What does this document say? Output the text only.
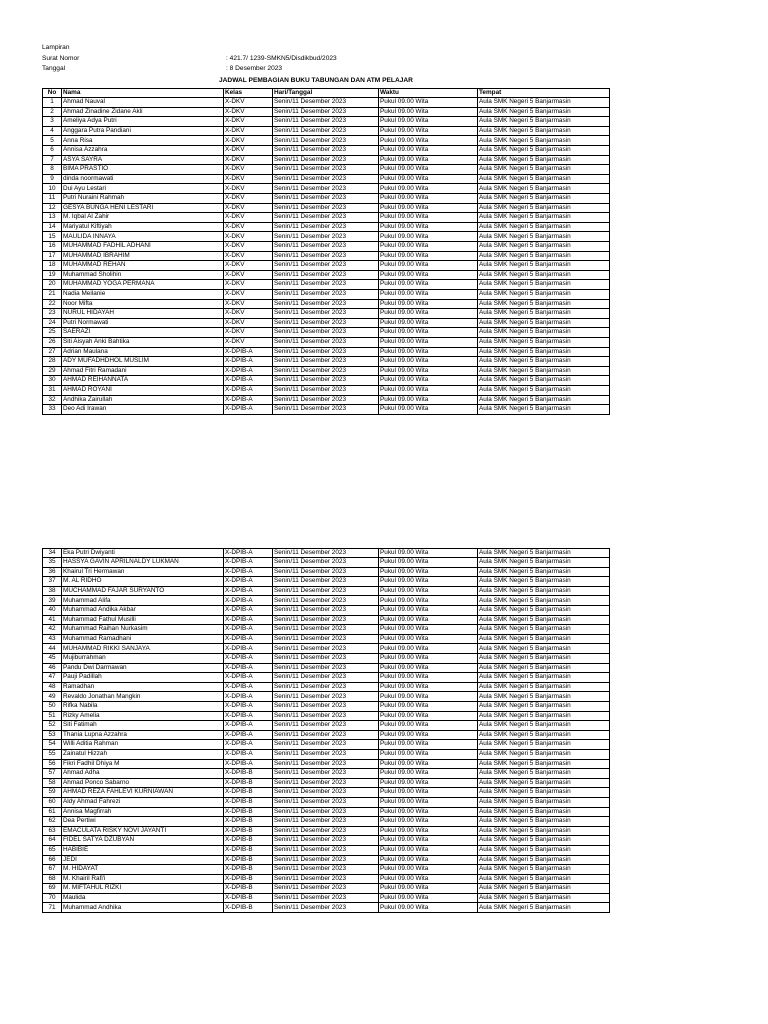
Lampiran
Surat Nomor	: 421.7/ 1239-SMKN5/Disdikbud/2023
Tanggal	: 8 Desember 2023
JADWAL PEMBAGIAN BUKU TABUNGAN DAN ATM PELAJAR
No	Nama	Kelas	Hari/Tanggal	Waktu	Tempat
1	Ahmad Nauval	X-DKV	Senin/11 Desember 2023	Pukul 09.00 Wita	Aula SMK Negeri 5 Banjarmasin
2	Ahmad Zinadine Zidane Akli	X-DKV	Senin/11 Desember 2023	Pukul 09.00 Wita	Aula SMK Negeri 5 Banjarmasin
3	Ameliya Adya Putri	X-DKV	Senin/11 Desember 2023	Pukul 09.00 Wita	Aula SMK Negeri 5 Banjarmasin
4	Anggara Putra Pandiani	X-DKV	Senin/11 Desember 2023	Pukul 09.00 Wita	Aula SMK Negeri 5 Banjarmasin
5	Anna Risa	X-DKV	Senin/11 Desember 2023	Pukul 09.00 Wita	Aula SMK Negeri 5 Banjarmasin
6	Annisa Azzahra	X-DKV	Senin/11 Desember 2023	Pukul 09.00 Wita	Aula SMK Negeri 5 Banjarmasin
7	ASYA SAYRA	X-DKV	Senin/11 Desember 2023	Pukul 09.00 Wita	Aula SMK Negeri 5 Banjarmasin
8	BIMA PRASTIO	X-DKV	Senin/11 Desember 2023	Pukul 09.00 Wita	Aula SMK Negeri 5 Banjarmasin
9	dinda noormawati	X-DKV	Senin/11 Desember 2023	Pukul 09.00 Wita	Aula SMK Negeri 5 Banjarmasin
10	Dui Ayu Lestari	X-DKV	Senin/11 Desember 2023	Pukul 09.00 Wita	Aula SMK Negeri 5 Banjarmasin
11	Putri Nuraini Rahmah	X-DKV	Senin/11 Desember 2023	Pukul 09.00 Wita	Aula SMK Negeri 5 Banjarmasin
12	GESYA BUNGA HENI LESTARI	X-DKV	Senin/11 Desember 2023	Pukul 09.00 Wita	Aula SMK Negeri 5 Banjarmasin
13	M. Iqbal Al Zahir	X-DKV	Senin/11 Desember 2023	Pukul 09.00 Wita	Aula SMK Negeri 5 Banjarmasin
14	Mariyatul Kiftiyah	X-DKV	Senin/11 Desember 2023	Pukul 09.00 Wita	Aula SMK Negeri 5 Banjarmasin
15	MAULIDA INNAYA	X-DKV	Senin/11 Desember 2023	Pukul 09.00 Wita	Aula SMK Negeri 5 Banjarmasin
16	MUHAMMAD FADHIL ADHANI	X-DKV	Senin/11 Desember 2023	Pukul 09.00 Wita	Aula SMK Negeri 5 Banjarmasin
17	MUHAMMAD IBRAHIM	X-DKV	Senin/11 Desember 2023	Pukul 09.00 Wita	Aula SMK Negeri 5 Banjarmasin
18	MUHAMMAD REHAN	X-DKV	Senin/11 Desember 2023	Pukul 09.00 Wita	Aula SMK Negeri 5 Banjarmasin
19	Muhammad Sholihin	X-DKV	Senin/11 Desember 2023	Pukul 09.00 Wita	Aula SMK Negeri 5 Banjarmasin
20	MUHAMMAD YOGA PERMANA	X-DKV	Senin/11 Desember 2023	Pukul 09.00 Wita	Aula SMK Negeri 5 Banjarmasin
21	Nadia Meilanie	X-DKV	Senin/11 Desember 2023	Pukul 09.00 Wita	Aula SMK Negeri 5 Banjarmasin
22	Noor Mifta	X-DKV	Senin/11 Desember 2023	Pukul 09.00 Wita	Aula SMK Negeri 5 Banjarmasin
23	NURUL HIDAYAH	X-DKV	Senin/11 Desember 2023	Pukul 09.00 Wita	Aula SMK Negeri 5 Banjarmasin
24	Putri Normawati	X-DKV	Senin/11 Desember 2023	Pukul 09.00 Wita	Aula SMK Negeri 5 Banjarmasin
25	SAERAZI	X-DKV	Senin/11 Desember 2023	Pukul 09.00 Wita	Aula SMK Negeri 5 Banjarmasin
26	Siti Aisyah Anki Bahtika	X-DKV	Senin/11 Desember 2023	Pukul 09.00 Wita	Aula SMK Negeri 5 Banjarmasin
27	Adrian Maulana	X-DPIB-A	Senin/11 Desember 2023	Pukul 09.00 Wita	Aula SMK Negeri 5 Banjarmasin
28	ADY MUFADHDHOL MUSLIM	X-DPIB-A	Senin/11 Desember 2023	Pukul 09.00 Wita	Aula SMK Negeri 5 Banjarmasin
29	Ahmad Fitri Ramadani	X-DPIB-A	Senin/11 Desember 2023	Pukul 09.00 Wita	Aula SMK Negeri 5 Banjarmasin
30	AHMAD REIHANNATA	X-DPIB-A	Senin/11 Desember 2023	Pukul 09.00 Wita	Aula SMK Negeri 5 Banjarmasin
31	AHMAD ROYANI	X-DPIB-A	Senin/11 Desember 2023	Pukul 09.00 Wita	Aula SMK Negeri 5 Banjarmasin
32	Andhika Zairullah	X-DPIB-A	Senin/11 Desember 2023	Pukul 09.00 Wita	Aula SMK Negeri 5 Banjarmasin
33	Deo Adi Irawan	X-DPIB-A	Senin/11 Desember 2023	Pukul 09.00 Wita	Aula SMK Negeri 5 Banjarmasin
34	Eka Putri Dwiyanti	X-DPIB-A	Senin/11 Desember 2023	Pukul 09.00 Wita	Aula SMK Negeri 5 Banjarmasin
35	HASSYA GAVIN APRILNALDY LUKMAN	X-DPIB-A	Senin/11 Desember 2023	Pukul 09.00 Wita	Aula SMK Negeri 5 Banjarmasin
36	Khairul Tri Hermawan	X-DPIB-A	Senin/11 Desember 2023	Pukul 09.00 Wita	Aula SMK Negeri 5 Banjarmasin
37	M. AL RIDHO	X-DPIB-A	Senin/11 Desember 2023	Pukul 09.00 Wita	Aula SMK Negeri 5 Banjarmasin
38	MUCHAMMAD FAJAR SURYANTO	X-DPIB-A	Senin/11 Desember 2023	Pukul 09.00 Wita	Aula SMK Negeri 5 Banjarmasin
39	Muhammad Alifa	X-DPIB-A	Senin/11 Desember 2023	Pukul 09.00 Wita	Aula SMK Negeri 5 Banjarmasin
40	Muhammad Andika Akbar	X-DPIB-A	Senin/11 Desember 2023	Pukul 09.00 Wita	Aula SMK Negeri 5 Banjarmasin
41	Muhammad Fathul Musilli	X-DPIB-A	Senin/11 Desember 2023	Pukul 09.00 Wita	Aula SMK Negeri 5 Banjarmasin
42	Muhammad Raihan Nurkasim	X-DPIB-A	Senin/11 Desember 2023	Pukul 09.00 Wita	Aula SMK Negeri 5 Banjarmasin
43	Muhammad Ramadhani	X-DPIB-A	Senin/11 Desember 2023	Pukul 09.00 Wita	Aula SMK Negeri 5 Banjarmasin
44	MUHAMMAD RIKKI SANJAYA	X-DPIB-A	Senin/11 Desember 2023	Pukul 09.00 Wita	Aula SMK Negeri 5 Banjarmasin
45	Mujiburrahman	X-DPIB-A	Senin/11 Desember 2023	Pukul 09.00 Wita	Aula SMK Negeri 5 Banjarmasin
46	Pandu Dwi Darmawan	X-DPIB-A	Senin/11 Desember 2023	Pukul 09.00 Wita	Aula SMK Negeri 5 Banjarmasin
47	Pauji Padillah	X-DPIB-A	Senin/11 Desember 2023	Pukul 09.00 Wita	Aula SMK Negeri 5 Banjarmasin
48	Ramadhan	X-DPIB-A	Senin/11 Desember 2023	Pukul 09.00 Wita	Aula SMK Negeri 5 Banjarmasin
49	Revaldo Jonathan Mangkin	X-DPIB-A	Senin/11 Desember 2023	Pukul 09.00 Wita	Aula SMK Negeri 5 Banjarmasin
50	Rifka Nabila	X-DPIB-A	Senin/11 Desember 2023	Pukul 09.00 Wita	Aula SMK Negeri 5 Banjarmasin
51	Rizky Amelia	X-DPIB-A	Senin/11 Desember 2023	Pukul 09.00 Wita	Aula SMK Negeri 5 Banjarmasin
52	Siti Fatimah	X-DPIB-A	Senin/11 Desember 2023	Pukul 09.00 Wita	Aula SMK Negeri 5 Banjarmasin
53	Thania Lupna Azzahra	X-DPIB-A	Senin/11 Desember 2023	Pukul 09.00 Wita	Aula SMK Negeri 5 Banjarmasin
54	Willi Aditia Rahman	X-DPIB-A	Senin/11 Desember 2023	Pukul 09.00 Wita	Aula SMK Negeri 5 Banjarmasin
55	Zainatul Hizzah	X-DPIB-A	Senin/11 Desember 2023	Pukul 09.00 Wita	Aula SMK Negeri 5 Banjarmasin
56	Fikri Fadhil Dhiya M	X-DPIB-A	Senin/11 Desember 2023	Pukul 09.00 Wita	Aula SMK Negeri 5 Banjarmasin
57	Ahmad Adha	X-DPIB-B	Senin/11 Desember 2023	Pukul 09.00 Wita	Aula SMK Negeri 5 Banjarmasin
58	Ahmad Ponco Sabarno	X-DPIB-B	Senin/11 Desember 2023	Pukul 09.00 Wita	Aula SMK Negeri 5 Banjarmasin
59	AHMAD REZA FAHLEVI KURNIAWAN	X-DPIB-B	Senin/11 Desember 2023	Pukul 09.00 Wita	Aula SMK Negeri 5 Banjarmasin
60	Aldy Ahmad Fahrezi	X-DPIB-B	Senin/11 Desember 2023	Pukul 09.00 Wita	Aula SMK Negeri 5 Banjarmasin
61	Annisa Magfirrah	X-DPIB-B	Senin/11 Desember 2023	Pukul 09.00 Wita	Aula SMK Negeri 5 Banjarmasin
62	Dea Pertiwi	X-DPIB-B	Senin/11 Desember 2023	Pukul 09.00 Wita	Aula SMK Negeri 5 Banjarmasin
63	EMACULATA RISKY NOVI JAYANTI	X-DPIB-B	Senin/11 Desember 2023	Pukul 09.00 Wita	Aula SMK Negeri 5 Banjarmasin
64	FIDEL SATYA DZUBYAN	X-DPIB-B	Senin/11 Desember 2023	Pukul 09.00 Wita	Aula SMK Negeri 5 Banjarmasin
65	HABIBIE	X-DPIB-B	Senin/11 Desember 2023	Pukul 09.00 Wita	Aula SMK Negeri 5 Banjarmasin
66	JEDI	X-DPIB-B	Senin/11 Desember 2023	Pukul 09.00 Wita	Aula SMK Negeri 5 Banjarmasin
67	M. HIDAYAT	X-DPIB-B	Senin/11 Desember 2023	Pukul 09.00 Wita	Aula SMK Negeri 5 Banjarmasin
68	M. Khairil Rafi'i	X-DPIB-B	Senin/11 Desember 2023	Pukul 09.00 Wita	Aula SMK Negeri 5 Banjarmasin
69	M. MIFTAHUL RIZKI	X-DPIB-B	Senin/11 Desember 2023	Pukul 09.00 Wita	Aula SMK Negeri 5 Banjarmasin
70	Maulida	X-DPIB-B	Senin/11 Desember 2023	Pukul 09.00 Wita	Aula SMK Negeri 5 Banjarmasin
71	Muhammad Andhika	X-DPIB-B	Senin/11 Desember 2023	Pukul 09.00 Wita	Aula SMK Negeri 5 Banjarmasin
